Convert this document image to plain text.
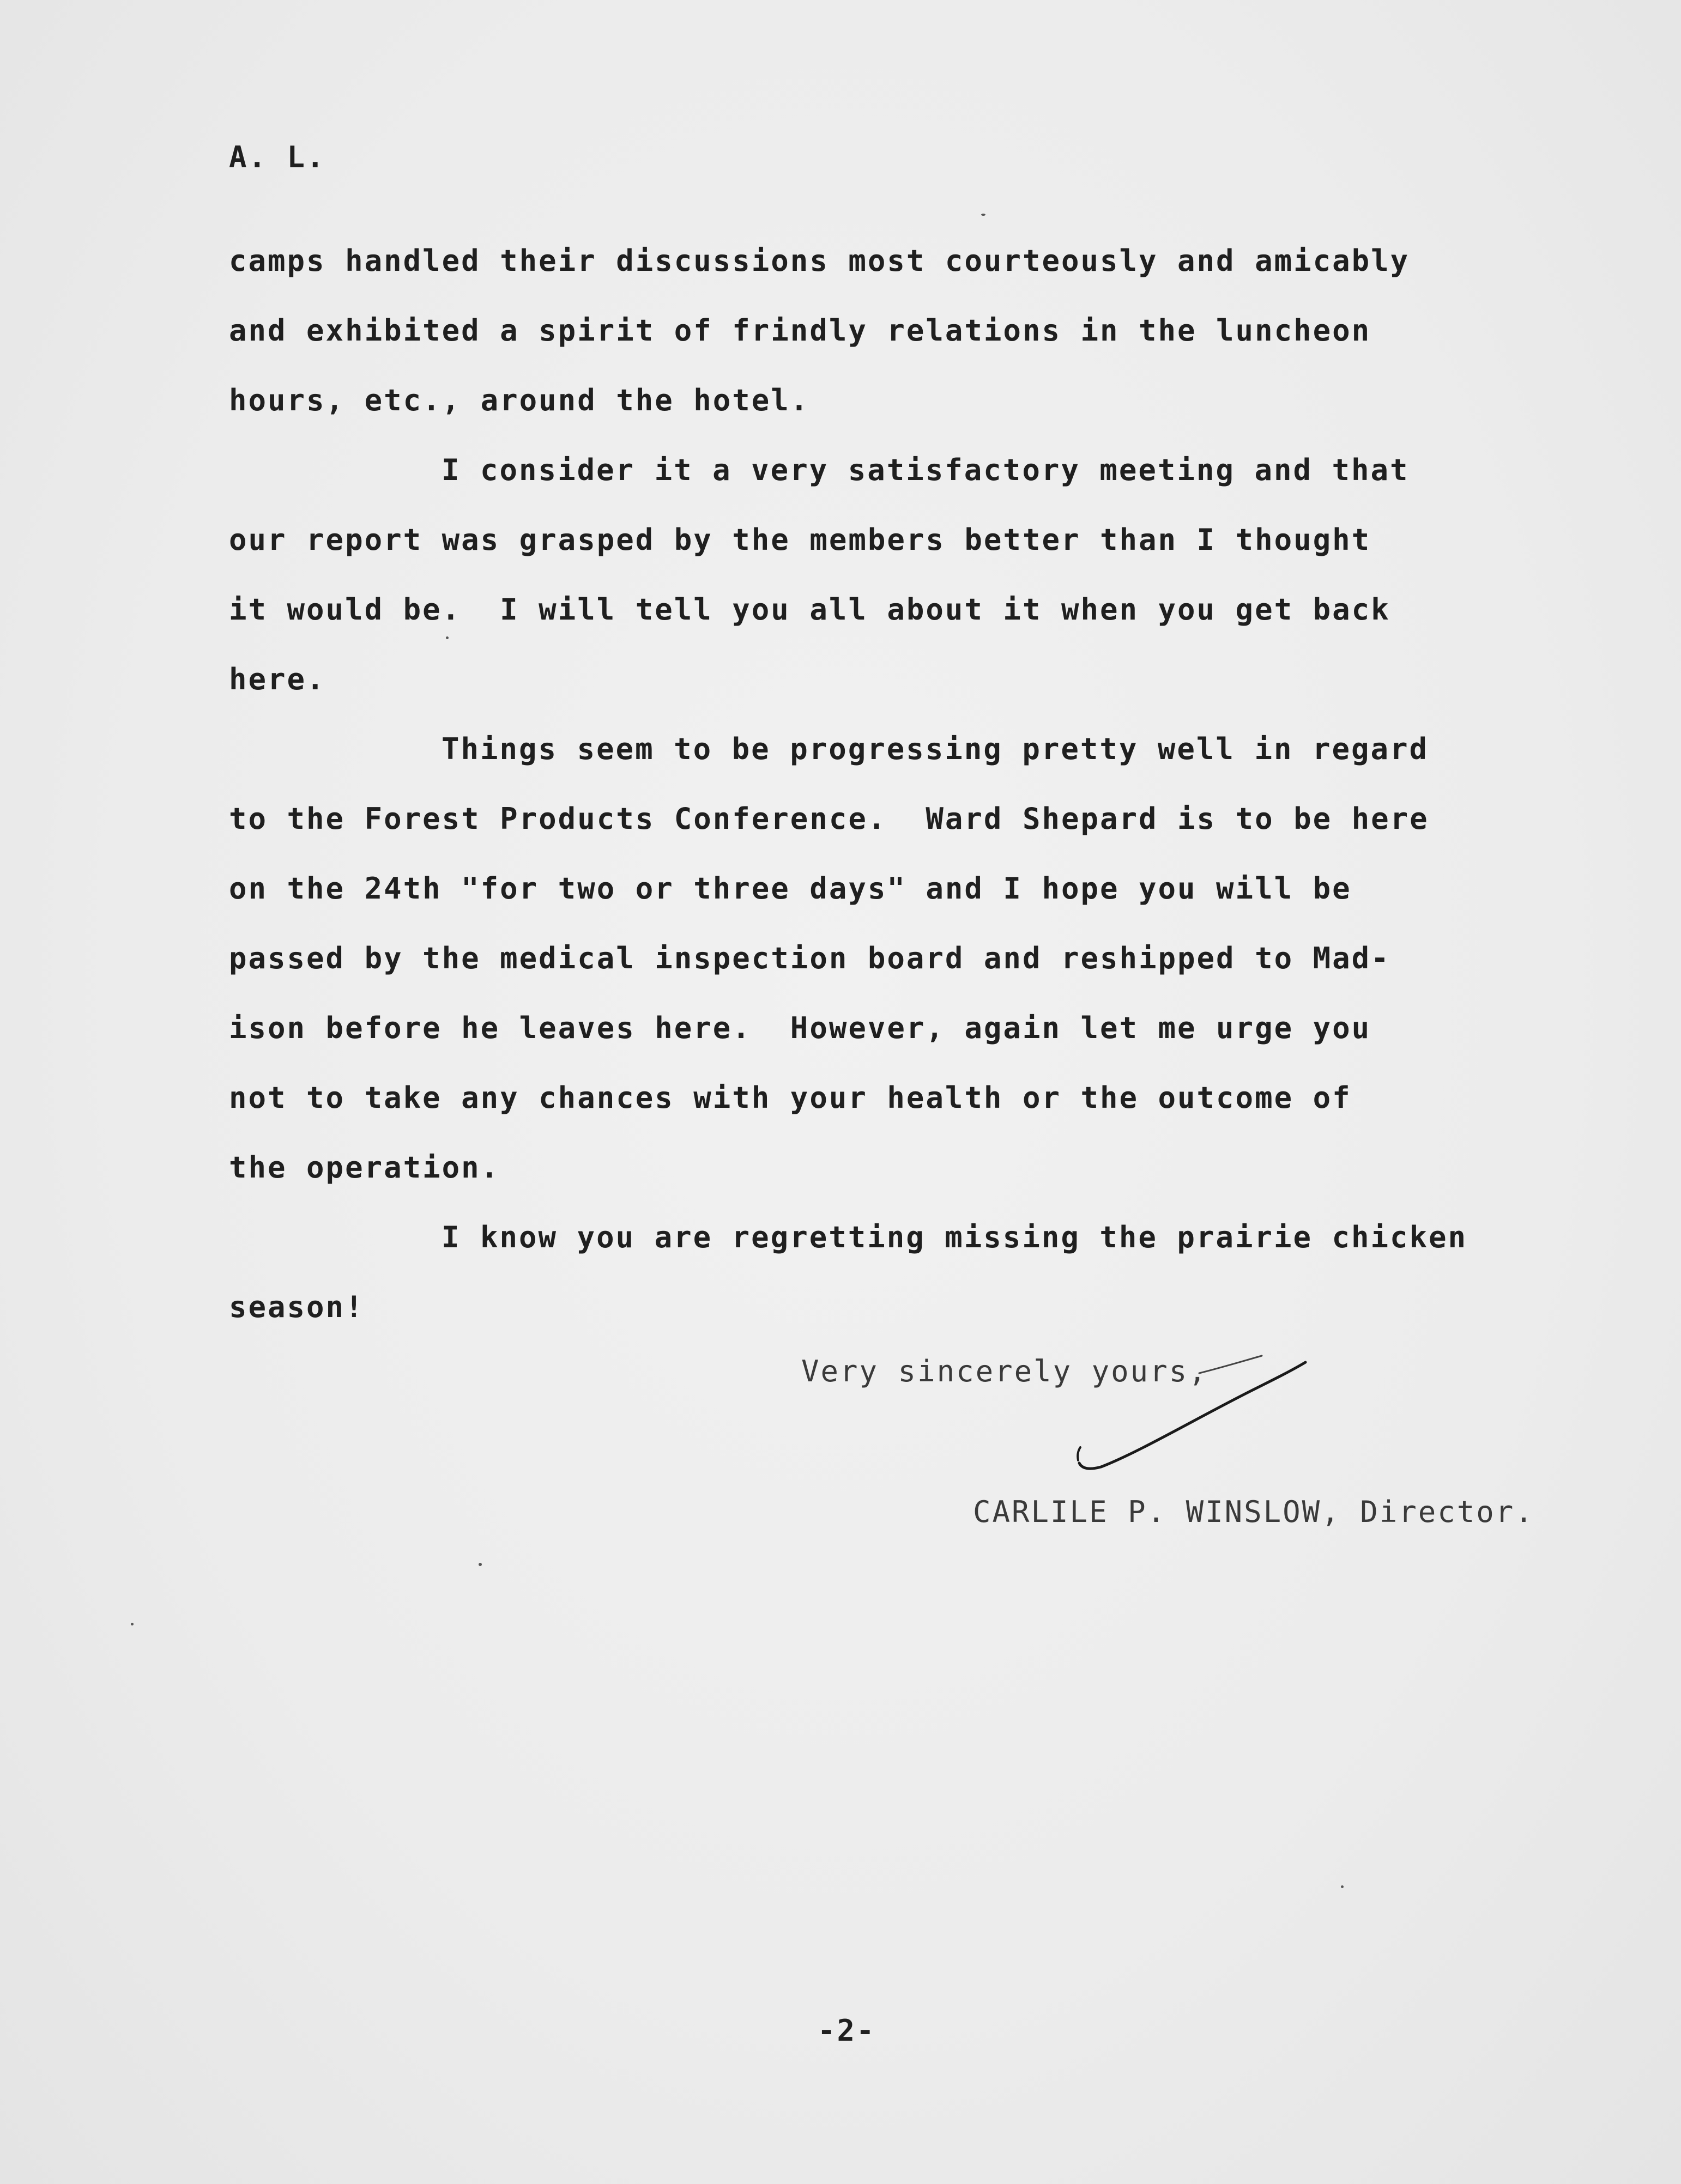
A. L.
camps handled their discussions most courteously and amicably
and exhibited a spirit of frindly relations in the luncheon
hours, etc., around the hotel.
I consider it a very satisfactory meeting and that
our report was grasped by the members better than I thought
it would be.  I will tell you all about it when you get back
here.
Things seem to be progressing pretty well in regard
to the Forest Products Conference.  Ward Shepard is to be here
on the 24th "for two or three days" and I hope you will be
passed by the medical inspection board and reshipped to Mad-
ison before he leaves here.  However, again let me urge you
not to take any chances with your health or the outcome of
the operation.
I know you are regretting missing the prairie chicken
season!
Very sincerely yours,
CARLILE P. WINSLOW, Director.
-2-
